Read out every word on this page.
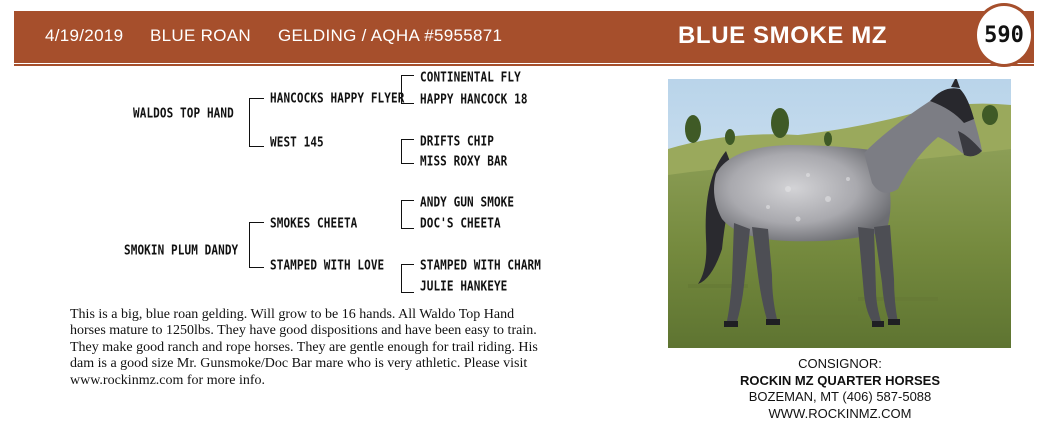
4/19/2019 BLUE ROAN GELDING / AQHA #5955871	BLUE SMOKE MZ	590
WALDOS TOP HAND
SMOKIN PLUM DANDY
HANCOCKS HAPPY FLYER
WEST 145
SMOKES CHEETA
STAMPED WITH LOVE
CONTINENTAL FLY
HAPPY HANCOCK 18
DRIFTS CHIP
MISS ROXY BAR
ANDY GUN SMOKE
DOC'S CHEETA
STAMPED WITH CHARM
JULIE HANKEYE

This is a big, blue roan gelding. Will grow to be 16 hands. All Waldo Top Hand

horses mature to 1250lbs. They have good dispositions and have been easy to train.

They make good ranch and rope horses. They are gentle enough for trail riding. His

dam is a good size Mr. Gunsmoke/Doc Bar mare who is very athletic. Please visit

www.rockinmz.com for more info.

CONSIGNOR:
ROCKIN MZ QUARTER HORSES
BOZEMAN, MT (406) 587-5088
WWW.ROCKINMZ.COM
